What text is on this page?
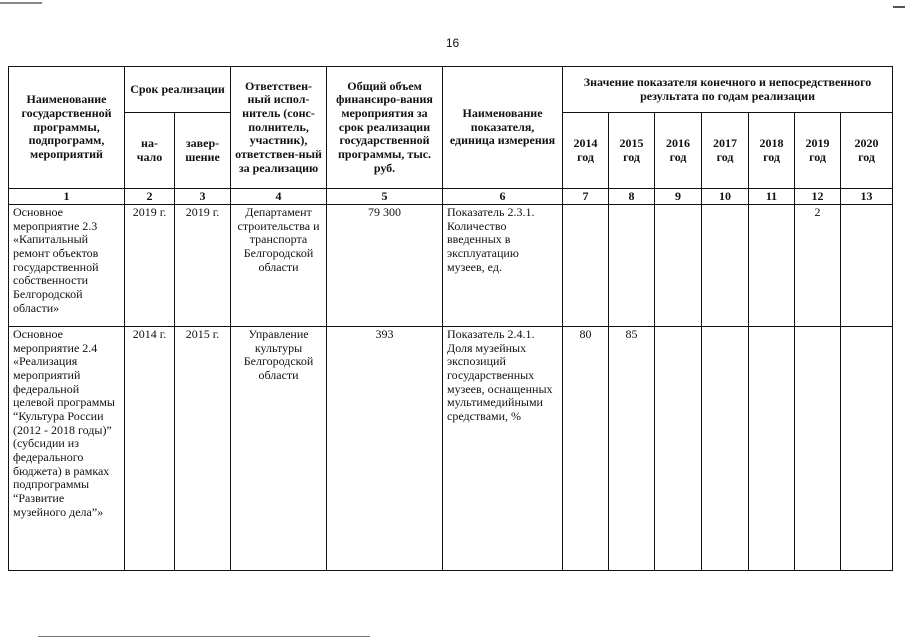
16
Наименование государственной программы, подпрограмм, мероприятий	Срок реализации		Ответствен-ный испол-нитель (сонс-полнитель, участник), ответствен-ный за реализацию	Общий объем финансиро-вания мероприятия за срок реализации государственной программы, тыс. руб.	Наименование показателя, единица измерения	Значение показателя конечного и непосредственного результата по годам реализации						
	на-чало	завер-шение				2014 год	2015 год	2016 год	2017 год	2018 год	2019 год	2020 год
1	2	3	4	5	6	7	8	9	10	11	12	13
Основное мероприятие 2.3 «Капитальный ремонт объектов государственной собственности Белгородской области»	2019 г.	2019 г.	Департамент строительства и транспорта Белгородской области	79 300	Показатель 2.3.1. Количество введенных в эксплуатацию музеев, ед.						2	
Основное мероприятие 2.4 «Реализация мероприятий федеральной целевой программы “Культура России (2012 - 2018 годы)” (субсидии из федерального бюджета) в рамках подпрограммы “Развитие музейного дела”»	2014 г.	2015 г.	Управление культуры Белгородской области	393	Показатель 2.4.1. Доля музейных экспозиций государственных музеев, оснащенных мультимедийными средствами, %	80	85					
